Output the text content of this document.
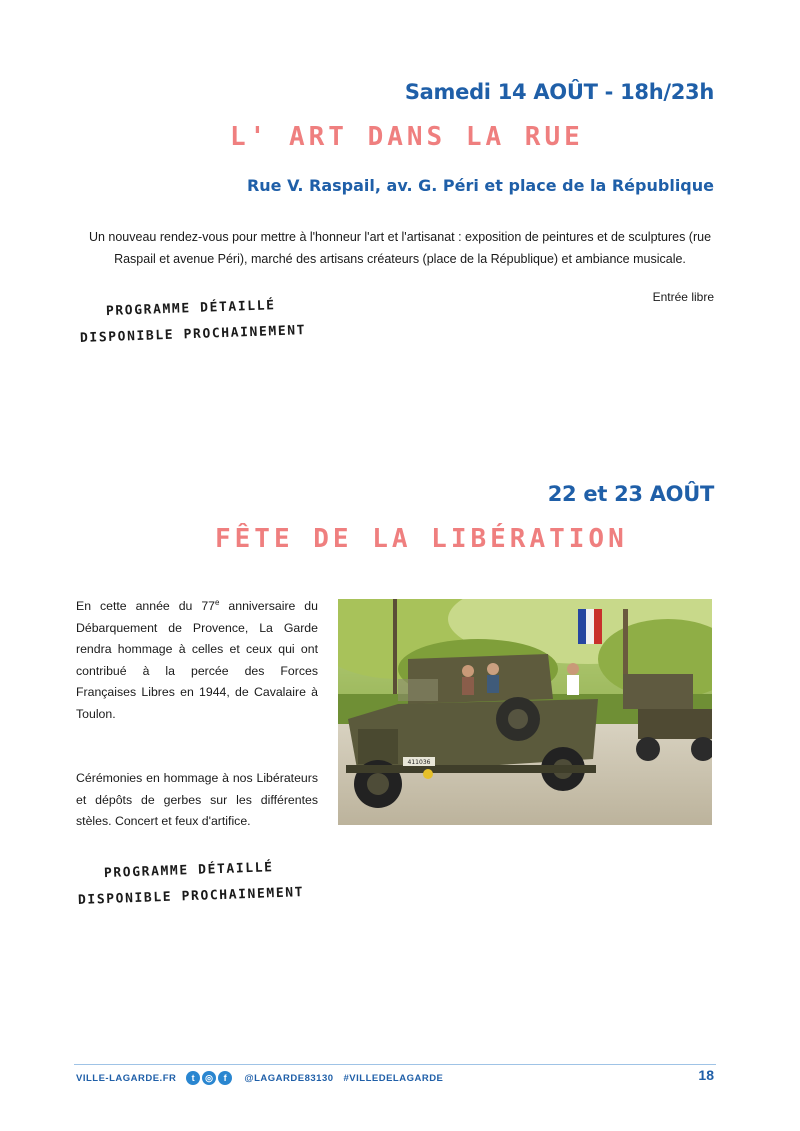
Samedi 14 AOÛT - 18h/23h
L' ART DANS LA RUE
Rue V. Raspail, av. G. Péri et place de la République
Un nouveau rendez-vous pour mettre à l'honneur l'art et l'artisanat : exposition de peintures et de sculptures (rue
Raspail et avenue Péri), marché des artisans créateurs (place de la République) et ambiance musicale.
Entrée libre
PROGRAMME DÉTAILLÉ
DISPONIBLE PROCHAINEMENT
22 et 23 AOÛT
FÊTE DE LA LIBÉRATION

En cette année du 77e anniversaire du Débarquement de Provence, La Garde rendra hommage à celles et ceux qui ont contribué à la percée des Forces Françaises Libres en 1944, de Cavalaire à Toulon.

Cérémonies en hommage à nos Libérateurs et dépôts de gerbes sur les différentes stèles. Concert et feux d'artifice.

411036
PROGRAMME DÉTAILLÉ
DISPONIBLE PROCHAINEMENT
VILLE-LAGARDE.FR	t	◎	f	@LAGARDE83130 #VILLEDELAGARDE	18
